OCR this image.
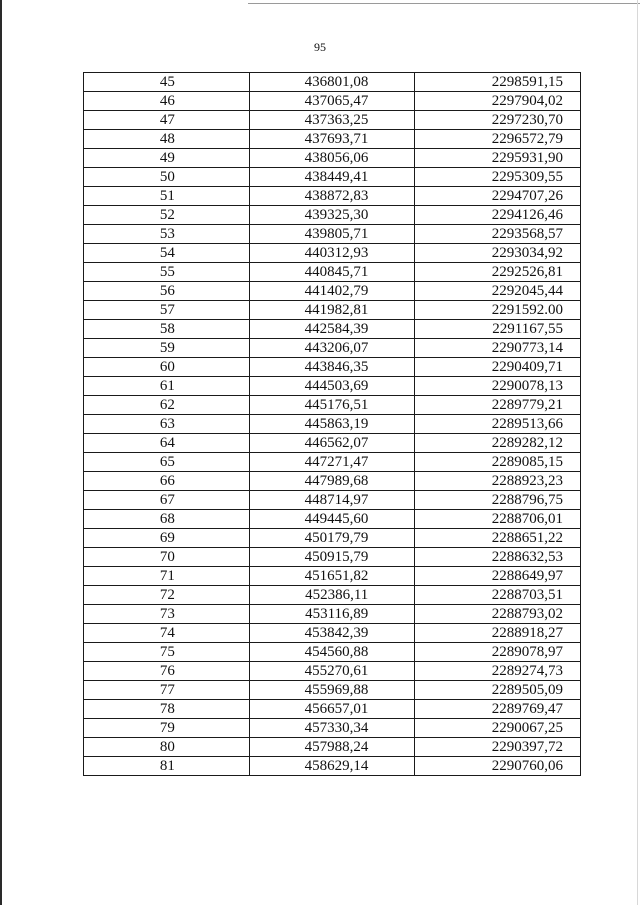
95
45	436801,08	2298591,15
46	437065,47	2297904,02
47	437363,25	2297230,70
48	437693,71	2296572,79
49	438056,06	2295931,90
50	438449,41	2295309,55
51	438872,83	2294707,26
52	439325,30	2294126,46
53	439805,71	2293568,57
54	440312,93	2293034,92
55	440845,71	2292526,81
56	441402,79	2292045,44
57	441982,81	2291592.00
58	442584,39	2291167,55
59	443206,07	2290773,14
60	443846,35	2290409,71
61	444503,69	2290078,13
62	445176,51	2289779,21
63	445863,19	2289513,66
64	446562,07	2289282,12
65	447271,47	2289085,15
66	447989,68	2288923,23
67	448714,97	2288796,75
68	449445,60	2288706,01
69	450179,79	2288651,22
70	450915,79	2288632,53
71	451651,82	2288649,97
72	452386,11	2288703,51
73	453116,89	2288793,02
74	453842,39	2288918,27
75	454560,88	2289078,97
76	455270,61	2289274,73
77	455969,88	2289505,09
78	456657,01	2289769,47
79	457330,34	2290067,25
80	457988,24	2290397,72
81	458629,14	2290760,06
